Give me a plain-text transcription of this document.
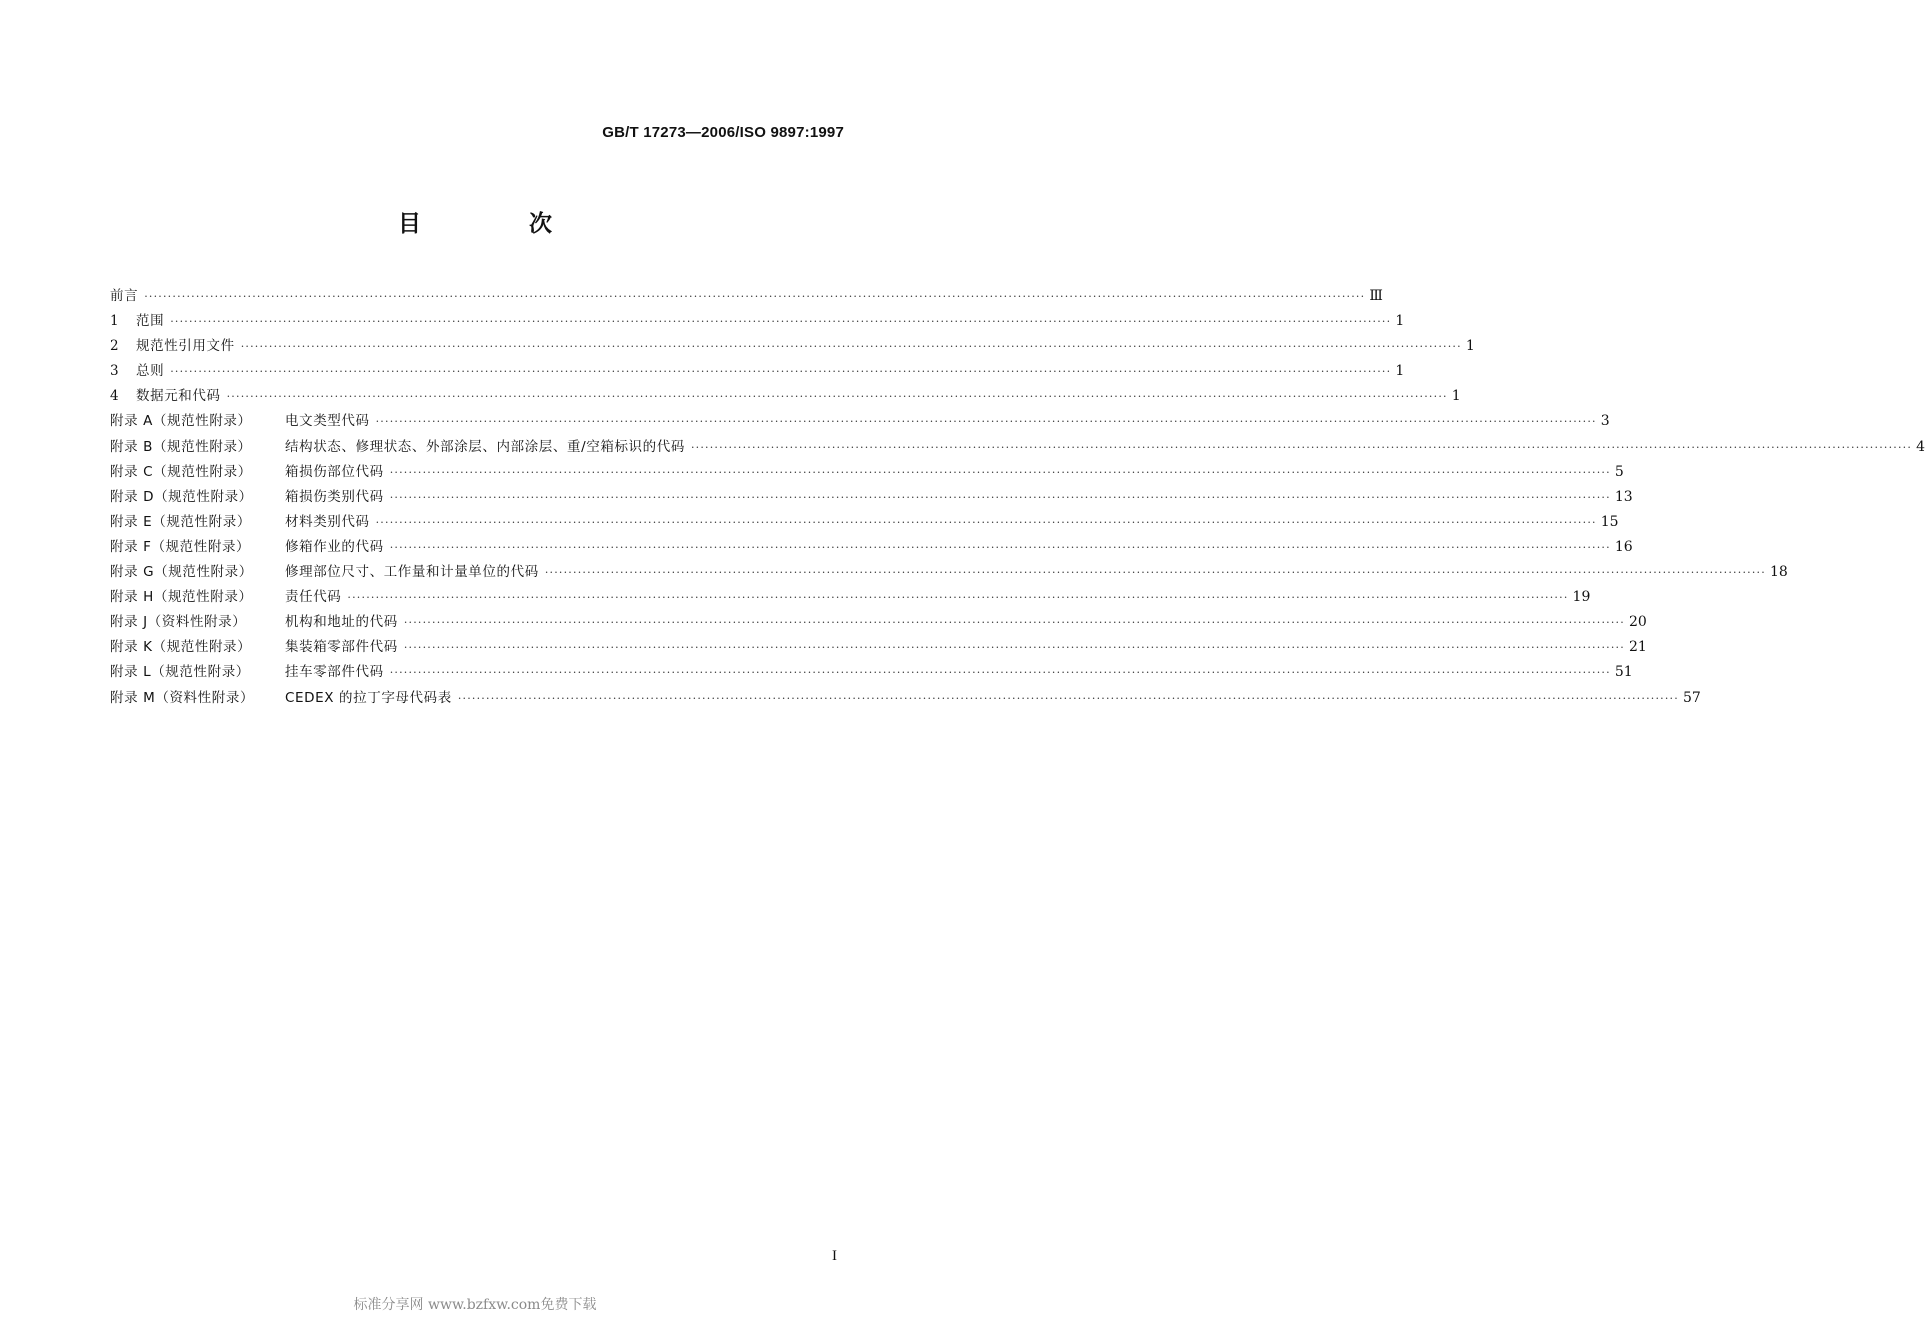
GB/T 17273—2006/ISO 9897:1997
目 次
前言 ···································································································································································································································································· Ⅲ
1 范围 ···································································································································································································································································· 1
2 规范性引用文件 ···································································································································································································································································· 1
3 总则 ···································································································································································································································································· 1
4 数据元和代码 ···································································································································································································································································· 1
附录 A（规范性附录） 电文类型代码 ···································································································································································································································································· 3
附录 B（规范性附录） 结构状态、修理状态、外部涂层、内部涂层、重/空箱标识的代码 ···································································································································································································································································· 4
附录 C（规范性附录） 箱损伤部位代码 ···································································································································································································································································· 5
附录 D（规范性附录） 箱损伤类别代码 ···································································································································································································································································· 13
附录 E（规范性附录）	材料类别代码 ···································································································································································································································································· 15
附录 F（规范性附录）	修箱作业的代码 ···································································································································································································································································· 16
附录 G（规范性附录） 修理部位尺寸、工作量和计量单位的代码 ···································································································································································································································································· 18
附录 H（规范性附录） 责任代码 ···································································································································································································································································· 19
附录 J（资料性附录）	机构和地址的代码 ···································································································································································································································································· 20
附录 K（规范性附录）	集装箱零部件代码 ···································································································································································································································································· 21
附录 L（规范性附录）	挂车零部件代码 ···································································································································································································································································· 51
附录 M（资料性附录） CEDEX 的拉丁字母代码表 ···································································································································································································································································· 57
I
标准分享网 www.bzfxw.com免费下载
